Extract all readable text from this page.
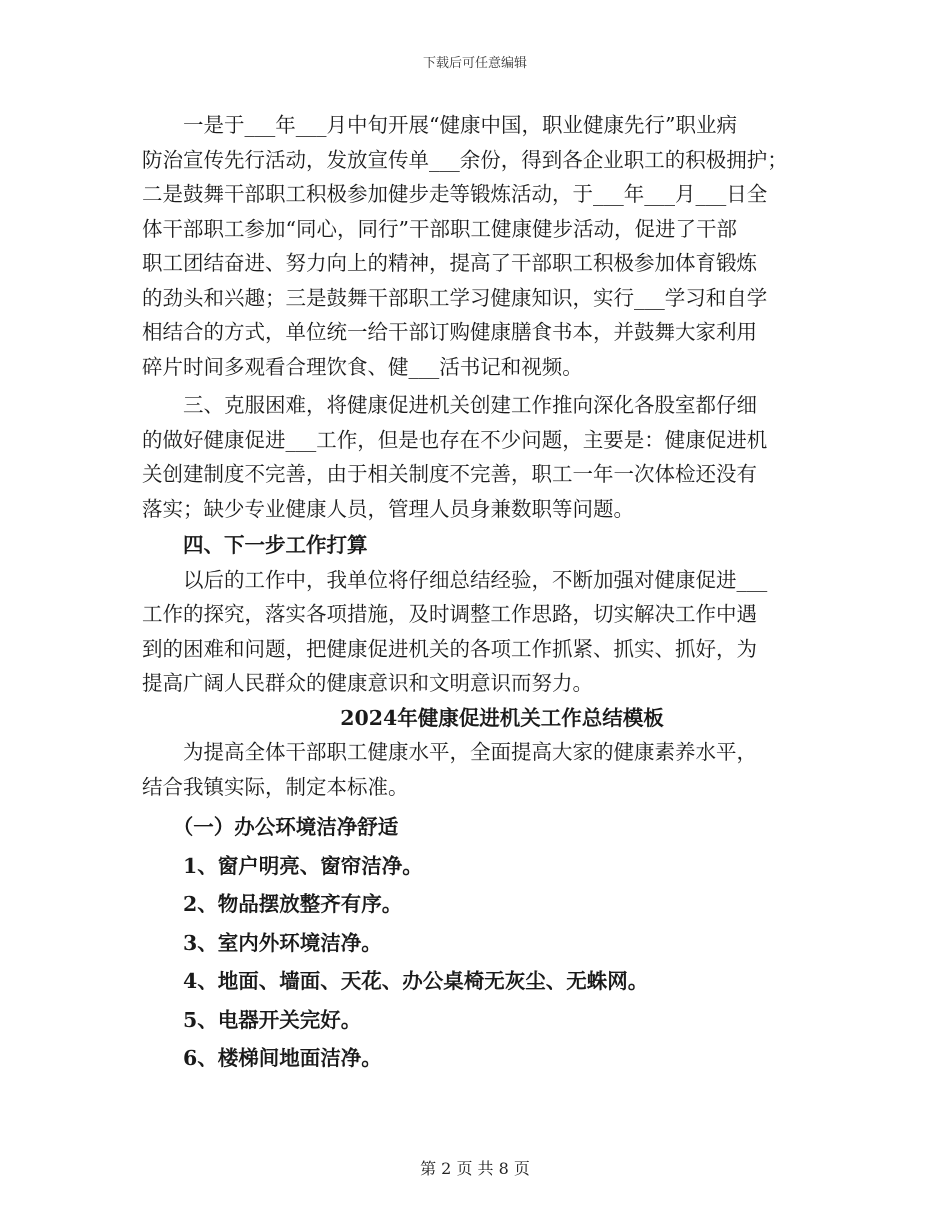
下载后可任意编辑

一是于___年___月中旬开展“健康中国，职业健康先行”职业病

防治宣传先行活动，发放宣传单___余份，得到各企业职工的积极拥护；

二是鼓舞干部职工积极参加健步走等锻炼活动，于___年___月___日全

体干部职工参加“同心，同行”干部职工健康健步活动，促进了干部

职工团结奋进、努力向上的精神，提高了干部职工积极参加体育锻炼

的劲头和兴趣；三是鼓舞干部职工学习健康知识，实行___学习和自学

相结合的方式，单位统一给干部订购健康膳食书本，并鼓舞大家利用

碎片时间多观看合理饮食、健___活书记和视频。

三、克服困难，将健康促进机关创建工作推向深化各股室都仔细

的做好健康促进___工作，但是也存在不少问题，主要是：健康促进机

关创建制度不完善，由于相关制度不完善，职工一年一次体检还没有

落实；缺少专业健康人员，管理人员身兼数职等问题。

四、下一步工作打算

以后的工作中，我单位将仔细总结经验，不断加强对健康促进___

工作的探究，落实各项措施，及时调整工作思路，切实解决工作中遇

到的困难和问题，把健康促进机关的各项工作抓紧、抓实、抓好，为

提高广阔人民群众的健康意识和文明意识而努力。

2024年健康促进机关工作总结模板

为提高全体干部职工健康水平，全面提高大家的健康素养水平，

结合我镇实际，制定本标准。

（一）办公环境洁净舒适

1、窗户明亮、窗帘洁净。

2、物品摆放整齐有序。

3、室内外环境洁净。

4、地面、墙面、天花、办公桌椅无灰尘、无蛛网。

5、电器开关完好。

6、楼梯间地面洁净。

第 2 页 共 8 页
